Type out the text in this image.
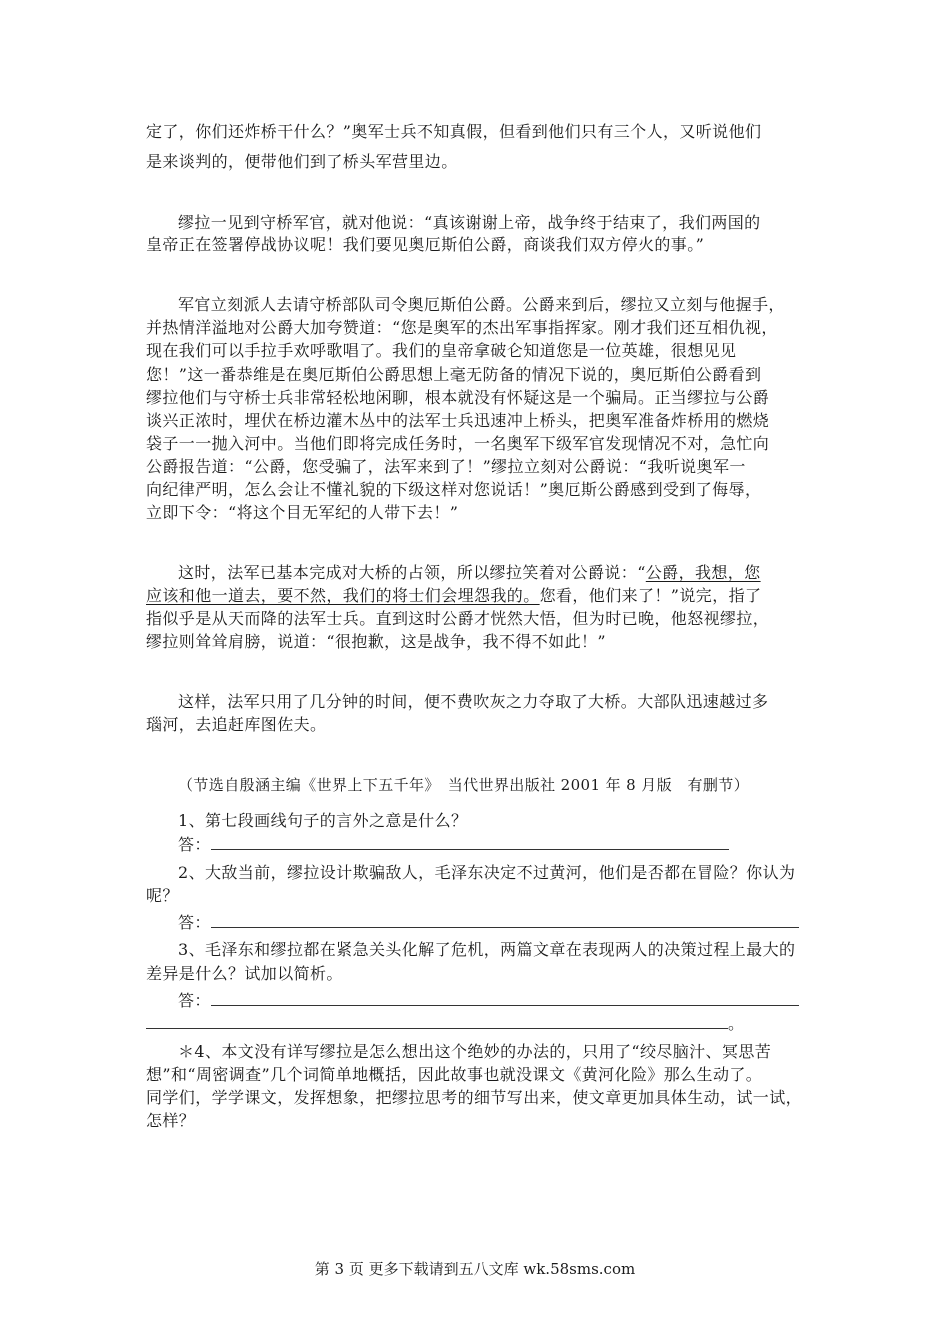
定了，你们还炸桥干什么？”奥军士兵不知真假，但看到他们只有三个人，又听说他们
是来谈判的，便带他们到了桥头军营里边。
缪拉一见到守桥军官，就对他说：“真该谢谢上帝，战争终于结束了，我们两国的
皇帝正在签署停战协议呢！我们要见奥厄斯伯公爵，商谈我们双方停火的事。”
军官立刻派人去请守桥部队司令奥厄斯伯公爵。公爵来到后，缪拉又立刻与他握手，
并热情洋溢地对公爵大加夸赞道：“您是奥军的杰出军事指挥家。刚才我们还互相仇视，
现在我们可以手拉手欢呼歌唱了。我们的皇帝拿破仑知道您是一位英雄，很想见见
您！”这一番恭维是在奥厄斯伯公爵思想上毫无防备的情况下说的，奥厄斯伯公爵看到
缪拉他们与守桥士兵非常轻松地闲聊，根本就没有怀疑这是一个骗局。正当缪拉与公爵
谈兴正浓时，埋伏在桥边灌木丛中的法军士兵迅速冲上桥头，把奥军准备炸桥用的燃烧
袋子一一抛入河中。当他们即将完成任务时，一名奥军下级军官发现情况不对，急忙向
公爵报告道：“公爵，您受骗了，法军来到了！”缪拉立刻对公爵说：“我听说奥军一
向纪律严明，怎么会让不懂礼貌的下级这样对您说话！”奥厄斯公爵感到受到了侮辱，
立即下令：“将这个目无军纪的人带下去！”
这时，法军已基本完成对大桥的占领，所以缪拉笑着对公爵说：“公爵，我想，您
应该和他一道去，要不然，我们的将士们会埋怨我的。您看，他们来了！”说完，指了
指似乎是从天而降的法军士兵。直到这时公爵才恍然大悟，但为时已晚，他怒视缪拉，
缪拉则耸耸肩膀，说道：“很抱歉，这是战争，我不得不如此！”
这样，法军只用了几分钟的时间，便不费吹灰之力夺取了大桥。大部队迅速越过多
瑙河，去追赶库图佐夫。
（节选自殷涵主编《世界上下五千年》　当代世界出版社 2001 年 8 月版　有删节）
1、第七段画线句子的言外之意是什么？
答：
2、大敌当前，缪拉设计欺骗敌人，毛泽东决定不过黄河，他们是否都在冒险？你认为
呢？
答：
3、毛泽东和缪拉都在紧急关头化解了危机，两篇文章在表现两人的决策过程上最大的
差异是什么？试加以简析。
答：
。
＊4、本文没有详写缪拉是怎么想出这个绝妙的办法的，只用了“绞尽脑汁、冥思苦
想”和“周密调查”几个词简单地概括，因此故事也就没课文《黄河化险》那么生动了。
同学们，学学课文，发挥想象，把缪拉思考的细节写出来，使文章更加具体生动，试一试，
怎样？
第 3 页 更多下载请到五八文库 wk.58sms.com
